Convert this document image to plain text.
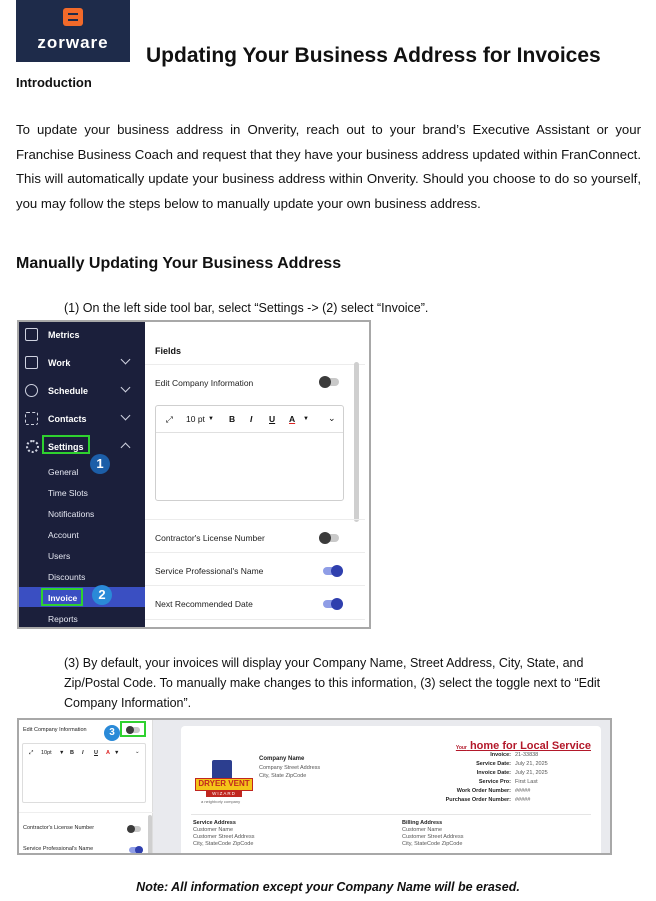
zorware
Updating Your Business Address for Invoices
Introduction

To update your business address in Onverity, reach out to your brand’s Executive Assistant or your Franchise Business Coach and request that they have your business address updated within FranConnect. This will automatically update your business address within Onverity. Should you choose to do so yourself, you may follow the steps below to manually update your own business address.

Manually Updating Your Business Address
(1) On the left side tool bar, select “Settings -> (2) select “Invoice”.
Metrics
Work
Schedule
Contacts
Settings
1
General
Time Slots
Notifications
Account
Users
Discounts
Invoice	2
Reports
Fields
Edit Company Information
⤢ 10 pt ▼ B I U A ▼ ⌄
Contractor's License Number
Service Professional's Name
Next Recommended Date
(3) By default, your invoices will display your Company Name, Street Address, City, State, and Zip/Postal Code. To manually make changes to this information, (3) select the toggle next to “Edit Company Information”.
Edit Company Information	3
⤢ 10pt ▼ B I U A ▼	⌄
Contractor's License Number
Service Professional's Name
Your home for Local Service
DRYER VENT
WIZARD
a neighborly company
Company Name
Company Street Address
City, State ZipCode
Invoice: 21-33838
Service Date: July 21, 2025
Invoice Date: July 21, 2025
Service Pro: First Last
Work Order Number: #####
Purchase Order Number: #####
Service Address
Customer Name
Customer Street Address
City, StateCode ZipCode
Billing Address
Customer Name
Customer Street Address
City, StateCode ZipCode
Note: All information except your Company Name will be erased.
